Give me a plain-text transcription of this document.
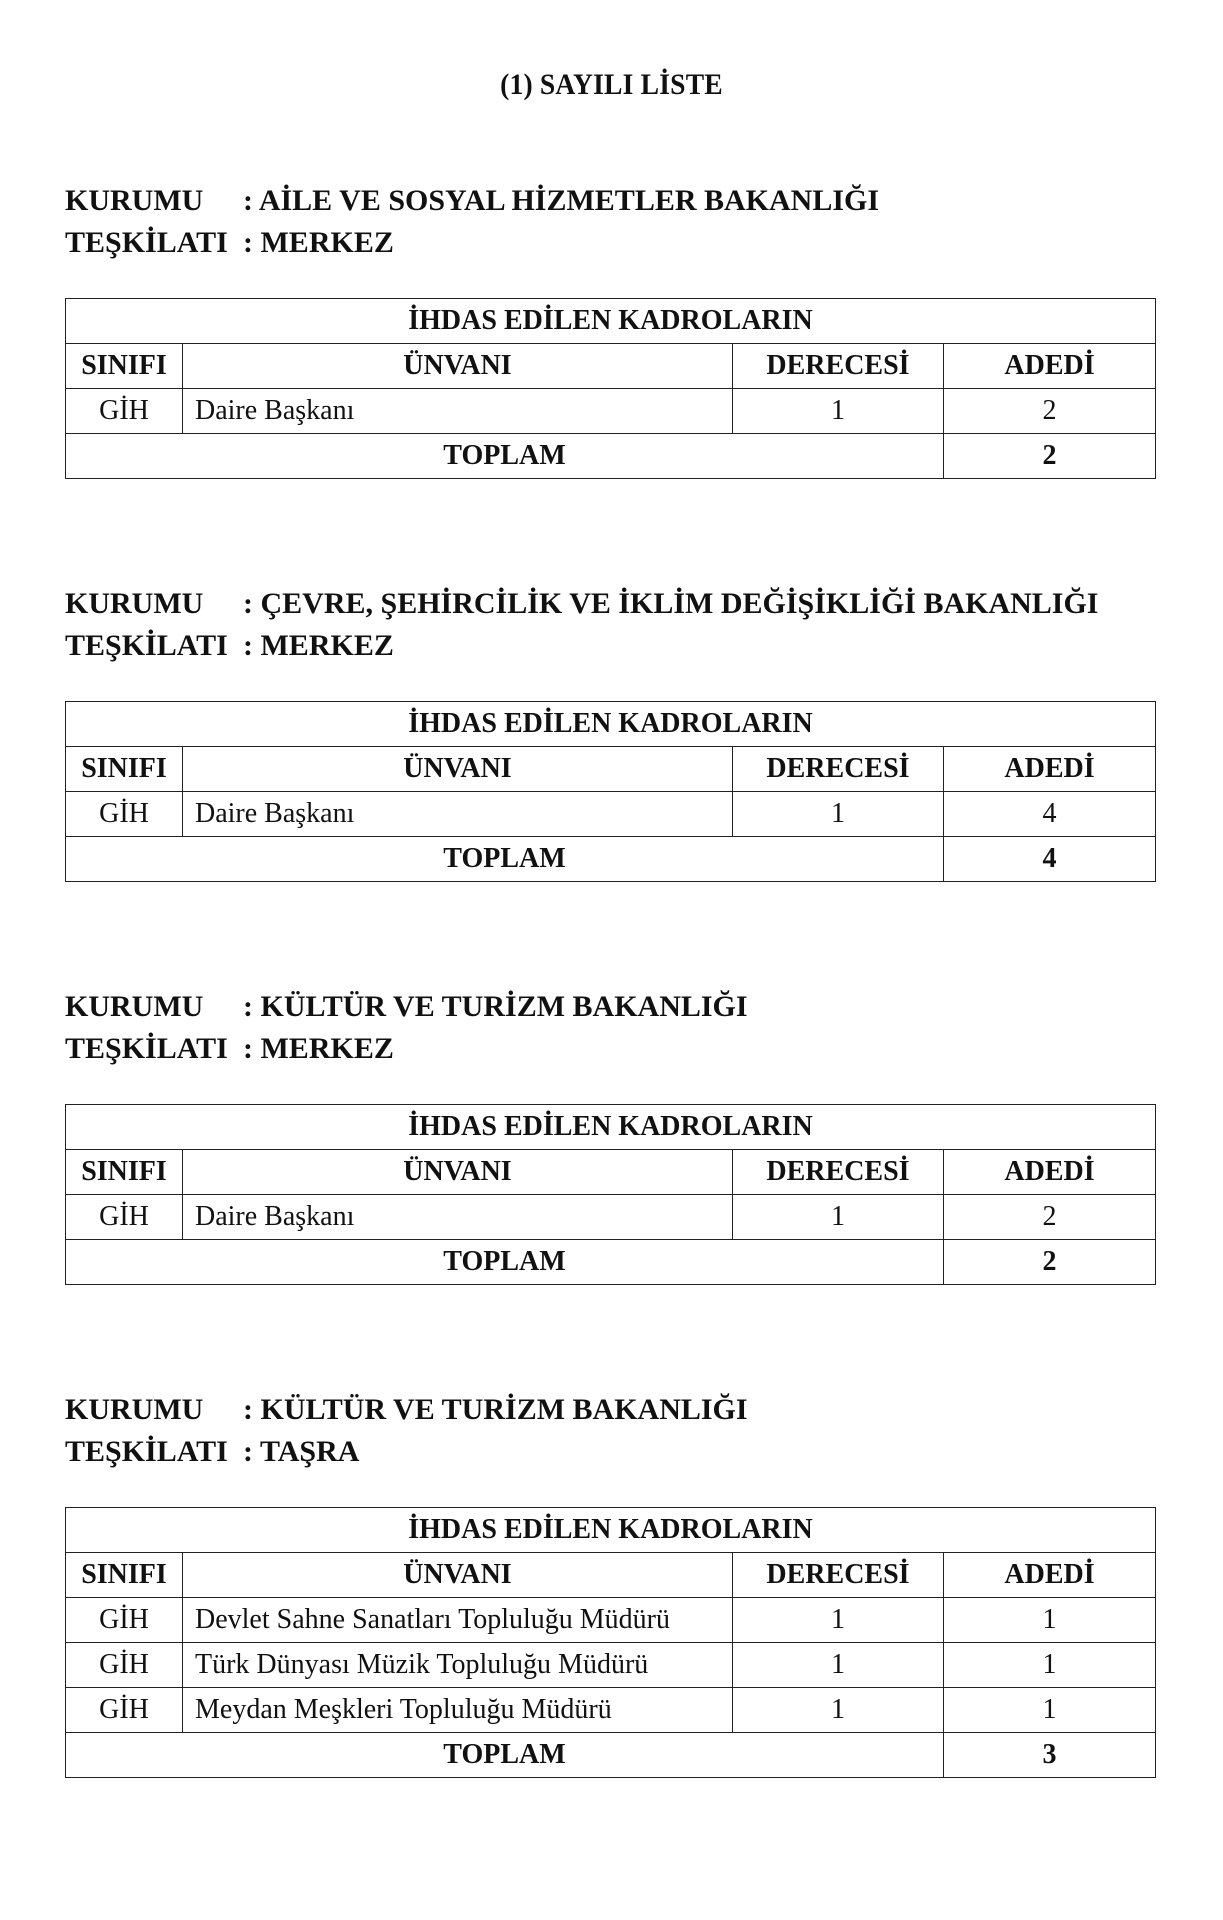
(1) SAYILI LİSTE
KURUMU : AİLE VE SOSYAL HİZMETLER BAKANLIĞI
TEŞKİLATI : MERKEZ
İHDAS EDİLEN KADROLARIN			
SINIFI	ÜNVANI	DERECESİ	ADEDİ
GİH	Daire Başkanı	1	2
TOPLAM			2
KURUMU : ÇEVRE, ŞEHİRCİLİK VE İKLİM DEĞİŞİKLİĞİ BAKANLIĞI
TEŞKİLATI : MERKEZ
İHDAS EDİLEN KADROLARIN			
SINIFI	ÜNVANI	DERECESİ	ADEDİ
GİH	Daire Başkanı	1	4
TOPLAM			4
KURUMU : KÜLTÜR VE TURİZM BAKANLIĞI
TEŞKİLATI : MERKEZ
İHDAS EDİLEN KADROLARIN			
SINIFI	ÜNVANI	DERECESİ	ADEDİ
GİH	Daire Başkanı	1	2
TOPLAM			2
KURUMU : KÜLTÜR VE TURİZM BAKANLIĞI
TEŞKİLATI : TAŞRA
İHDAS EDİLEN KADROLARIN			
SINIFI	ÜNVANI	DERECESİ	ADEDİ
GİH	Devlet Sahne Sanatları Topluluğu Müdürü	1	1
GİH	Türk Dünyası Müzik Topluluğu Müdürü	1	1
GİH	Meydan Meşkleri Topluluğu Müdürü	1	1
TOPLAM			3
